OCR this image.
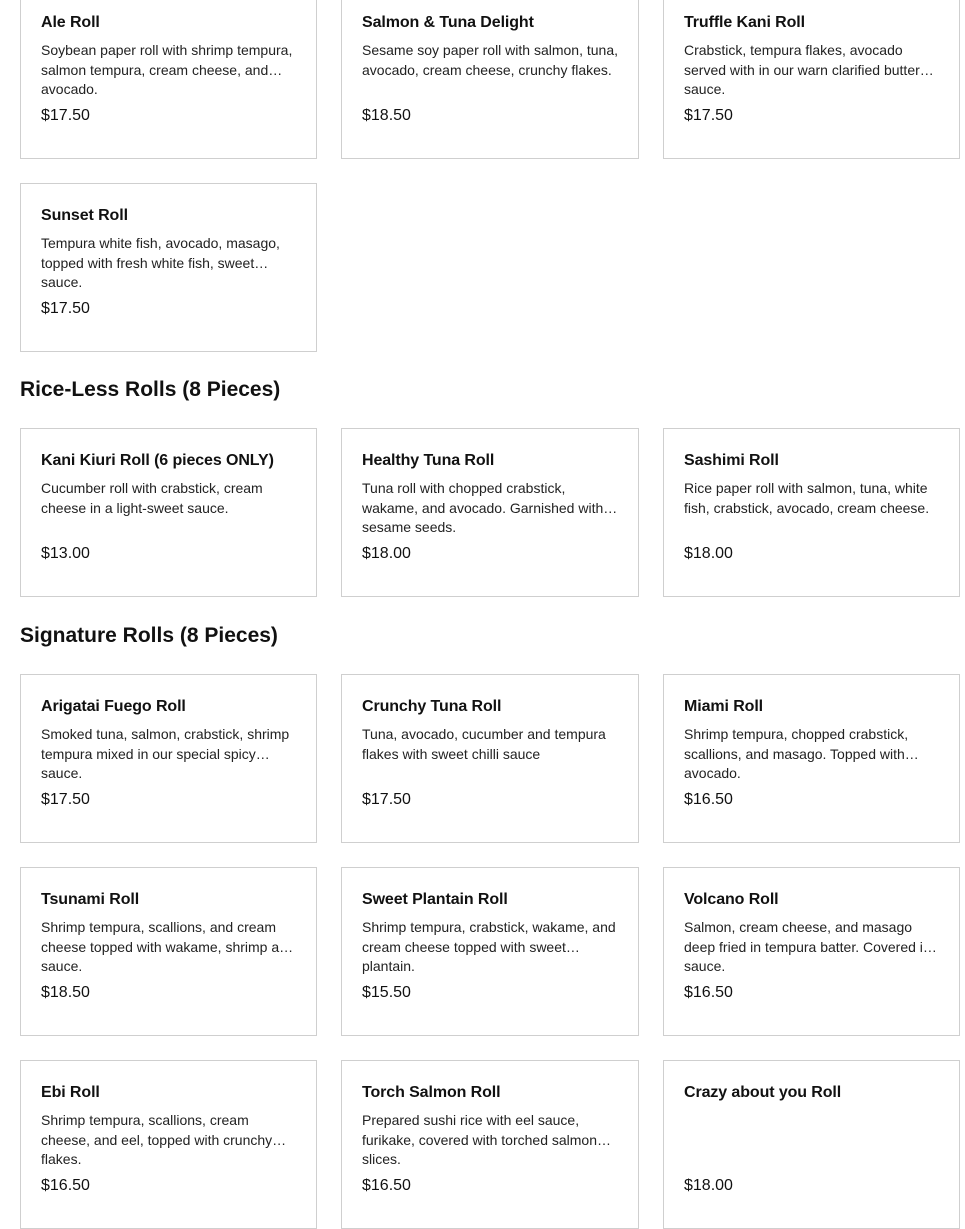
Ale Roll
Soybean paper roll with shrimp tempura, salmon tempura, cream cheese, and avocado.
$17.50
Salmon & Tuna Delight
Sesame soy paper roll with salmon, tuna, avocado, cream cheese, crunchy flakes.
$18.50
Truffle Kani Roll
Crabstick, tempura flakes, avocado served with in our warn clarified butter sauce.
$17.50
Sunset Roll
Tempura white fish, avocado, masago, topped with fresh white fish, sweet sauce.
$17.50
Rice-Less Rolls (8 Pieces)
Kani Kiuri Roll (6 pieces ONLY)
Cucumber roll with crabstick, cream cheese in a light-sweet sauce.
$13.00
Healthy Tuna Roll
Tuna roll with chopped crabstick, wakame, and avocado. Garnished with sesame seeds.
$18.00
Sashimi Roll
Rice paper roll with salmon, tuna, white fish, crabstick, avocado, cream cheese.
$18.00
Signature Rolls (8 Pieces)
Arigatai Fuego Roll
Smoked tuna, salmon, crabstick, shrimp tempura mixed in our special spicy sauce.
$17.50
Crunchy Tuna Roll
Tuna, avocado, cucumber and tempura flakes with sweet chilli sauce
$17.50
Miami Roll
Shrimp tempura, chopped crabstick, scallions, and masago. Topped with avocado.
$16.50
Tsunami Roll
Shrimp tempura, scallions, and cream cheese topped with wakame, shrimp and sauce.
$18.50
Sweet Plantain Roll
Shrimp tempura, crabstick, wakame, and cream cheese topped with sweet plantain.
$15.50
Volcano Roll
Salmon, cream cheese, and masago deep fried in tempura batter. Covered in sauce.
$16.50
Ebi Roll
Shrimp tempura, scallions, cream cheese, and eel, topped with crunchy flakes.
$16.50
Torch Salmon Roll
Prepared sushi rice with eel sauce, furikake, covered with torched salmon slices.
$16.50
Crazy about you Roll
$18.00
